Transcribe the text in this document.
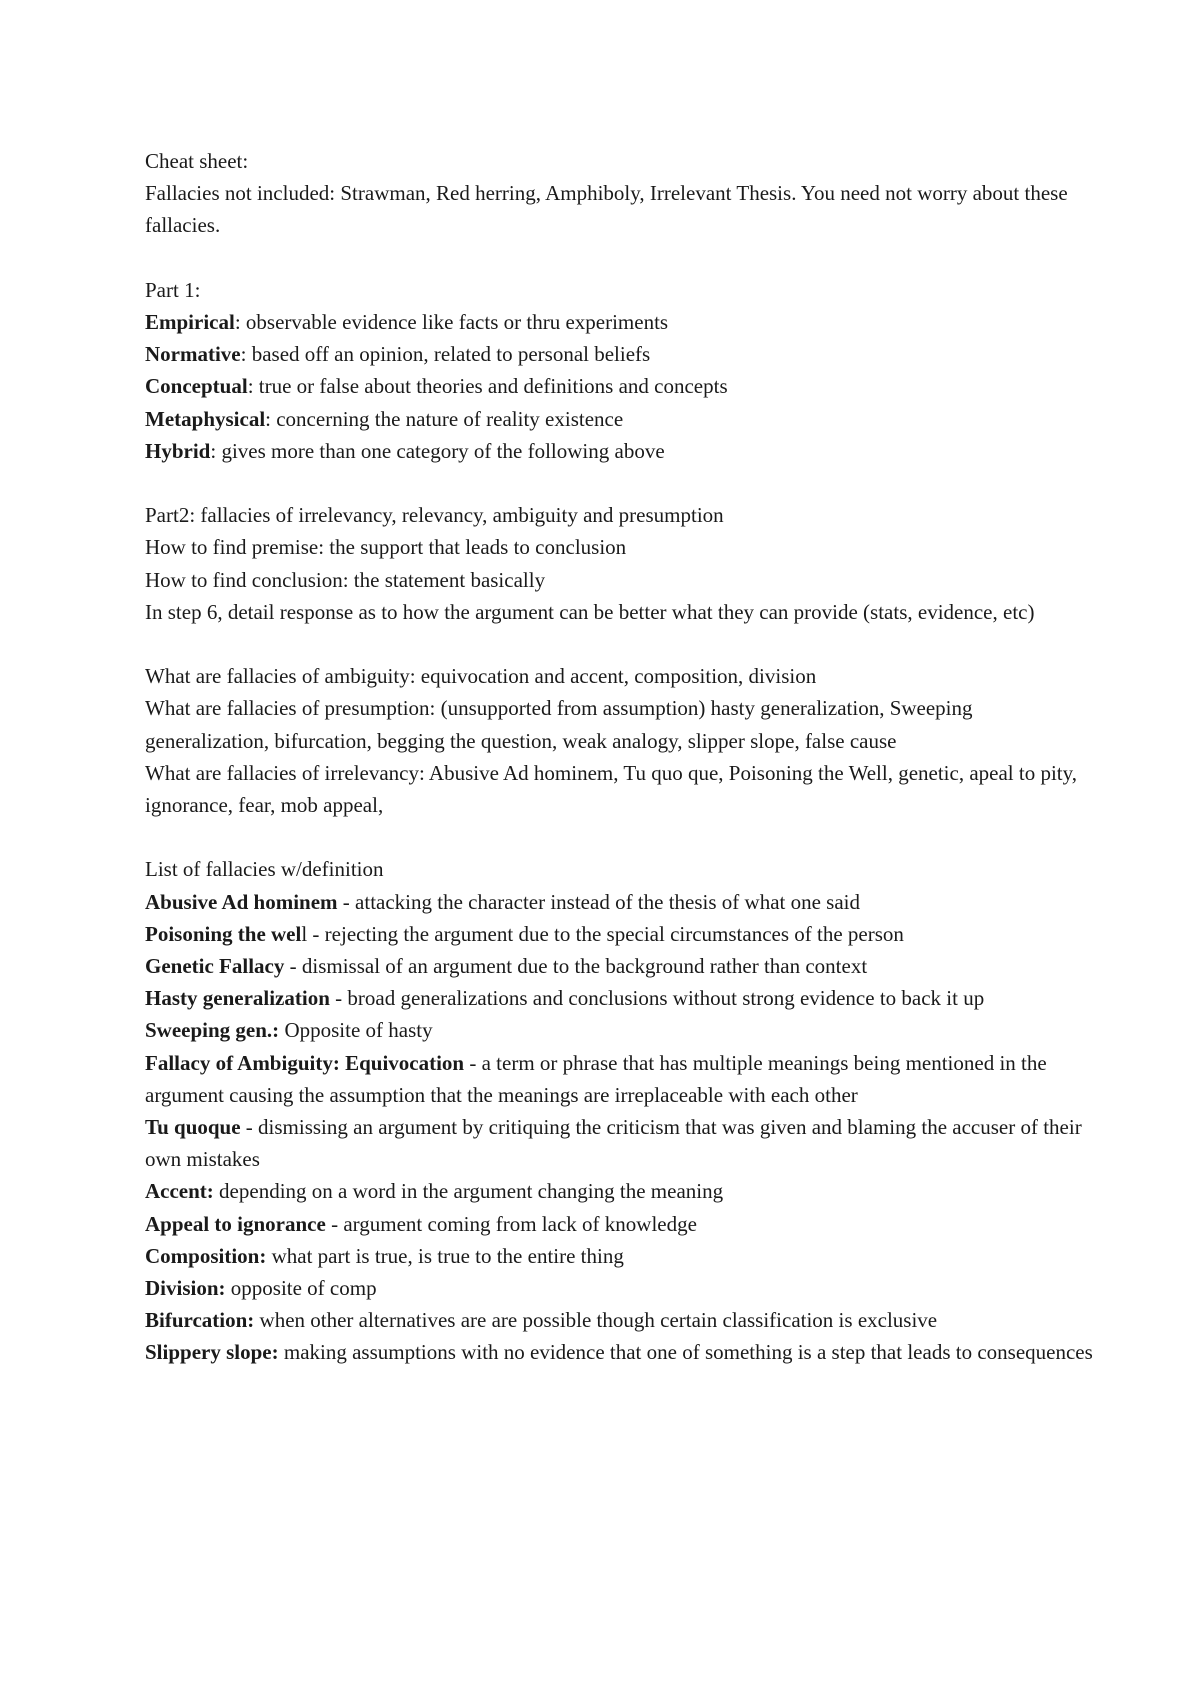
Cheat sheet:
Fallacies not included: Strawman, Red herring, Amphiboly, Irrelevant Thesis. You need not worry about these fallacies.
Part 1:
Empirical: observable evidence like facts or thru experiments
Normative: based off an opinion, related to personal beliefs
Conceptual: true or false about theories and definitions and concepts
Metaphysical: concerning the nature of reality existence
Hybrid: gives more than one category of the following above
Part2: fallacies of irrelevancy, relevancy, ambiguity and presumption
How to find premise: the support that leads to conclusion
How to find conclusion: the statement basically
In step 6, detail response as to how the argument can be better what they can provide (stats, evidence, etc)
What are fallacies of ambiguity: equivocation and accent, composition, division
What are fallacies of presumption: (unsupported from assumption) hasty generalization, Sweeping generalization, bifurcation, begging the question, weak analogy, slipper slope, false cause
What are fallacies of irrelevancy: Abusive Ad hominem, Tu quo que, Poisoning the Well, genetic, apeal to pity, ignorance, fear, mob appeal,
List of fallacies w/definition
Abusive Ad hominem - attacking the character instead of the thesis of what one said
Poisoning the well - rejecting the argument due to the special circumstances of the person
Genetic Fallacy - dismissal of an argument due to the background rather than context
Hasty generalization - broad generalizations and conclusions without strong evidence to back it up
Sweeping gen.: Opposite of hasty
Fallacy of Ambiguity: Equivocation - a term or phrase that has multiple meanings being mentioned in the argument causing the assumption that the meanings are irreplaceable with each other
Tu quoque - dismissing an argument by critiquing the criticism that was given and blaming the accuser of their own mistakes
Accent: depending on a word in the argument changing the meaning
Appeal to ignorance - argument coming from lack of knowledge
Composition: what part is true, is true to the entire thing
Division: opposite of comp
Bifurcation: when other alternatives are are possible though certain classification is exclusive
Slippery slope: making assumptions with no evidence that one of something is a step that leads to consequences
